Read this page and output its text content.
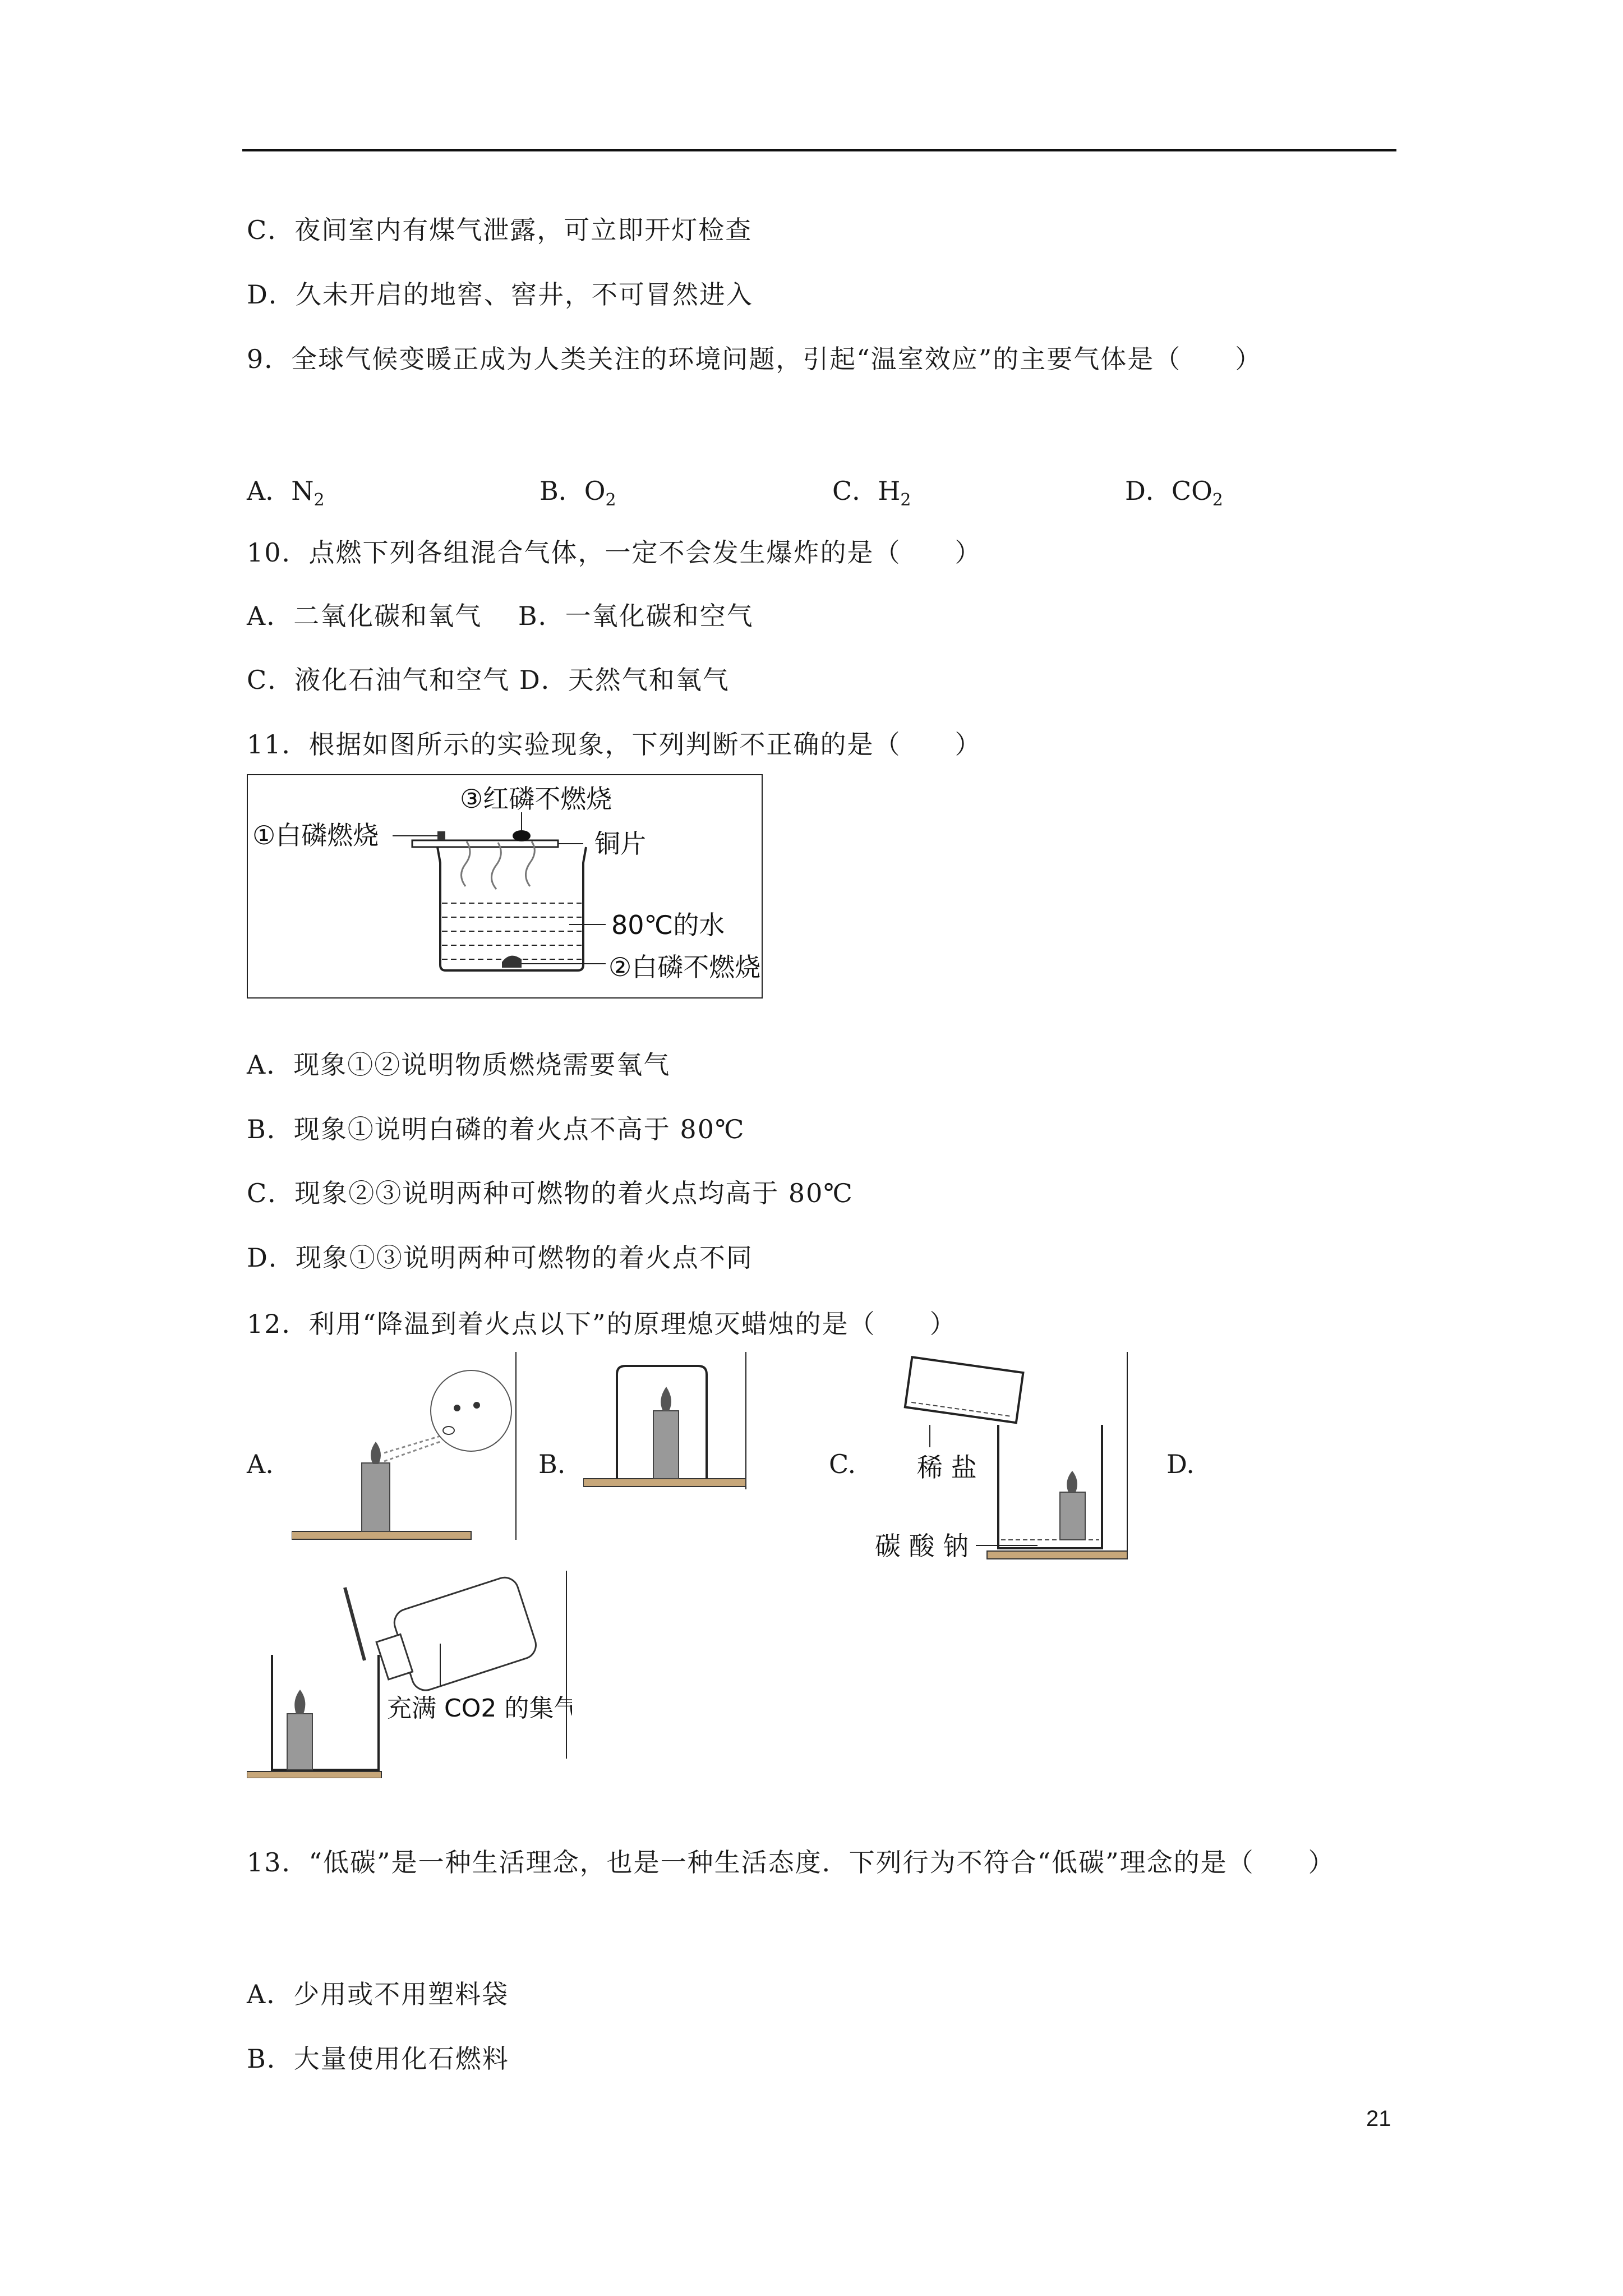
C．夜间室内有煤气泄露，可立即开灯检查
D．久未开启的地窖、窖井，不可冒然进入
9．全球气候变暖正成为人类关注的环境问题，引起“温室效应”的主要气体是（　　）
A．$N_2$	B．$O_2$	C．$H_2$	D．$CO_2$
10．点燃下列各组混合气体，一定不会发生爆炸的是（　　）
A．二氧化碳和氧气　 B．一氧化碳和空气
C．液化石油气和空气 D．天然气和氧气
11．根据如图所示的实验现象，下列判断不正确的是（　　）
③红磷不燃烧
①白磷燃烧	铜片
80℃的水
②白磷不燃烧
A．现象①②说明物质燃烧需要氧气
B．现象①说明白磷的着火点不高于 80℃
C．现象②③说明两种可燃物的着火点均高于 80℃
D．现象①③说明两种可燃物的着火点不同
12．利用“降温到着火点以下”的原理熄灭蜡烛的是（　　）
A.	B.	C.	D.
稀 盐
碳 酸 钠
充满 CO2 的集气
13．“低碳”是一种生活理念，也是一种生活态度．下列行为不符合“低碳”理念的是（　　）
A．少用或不用塑料袋
B．大量使用化石燃料
21
